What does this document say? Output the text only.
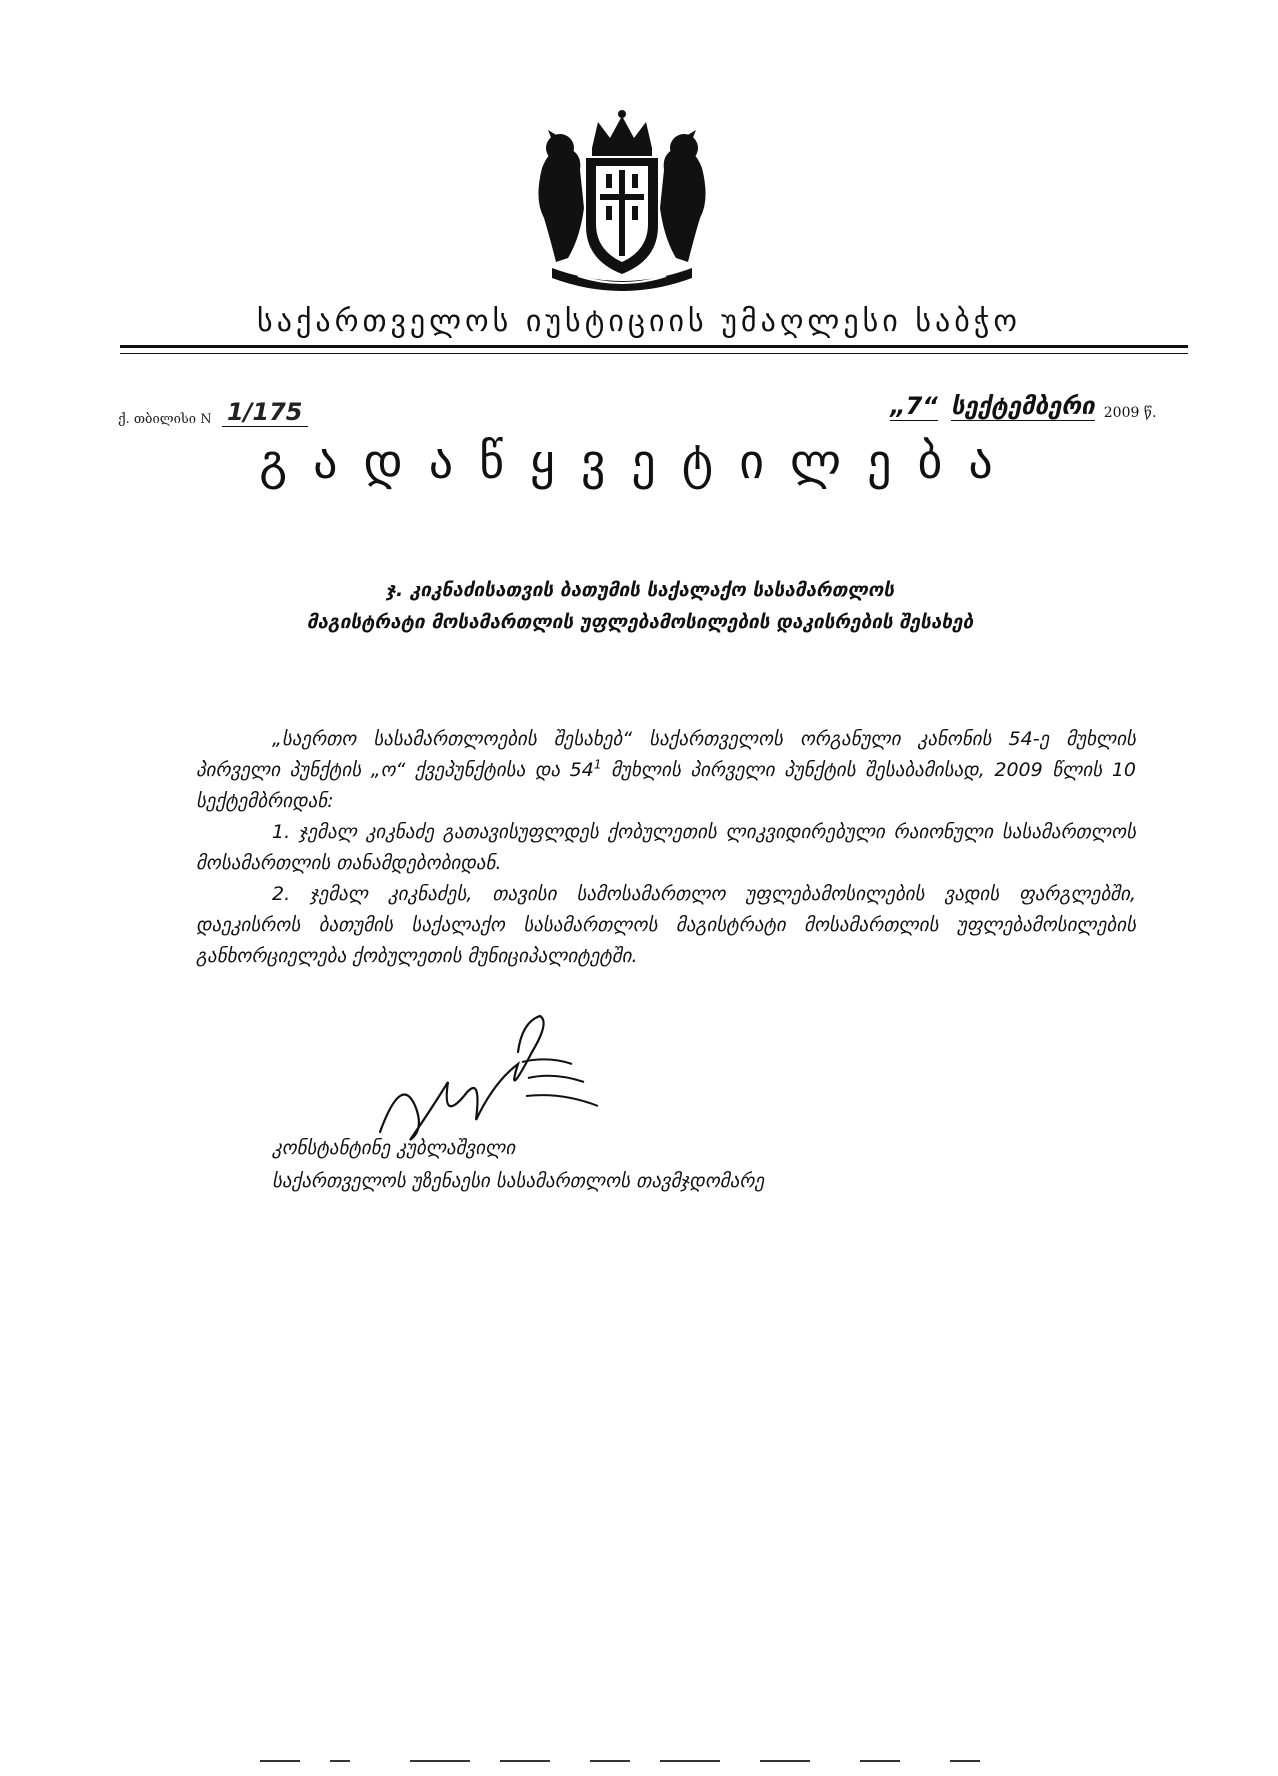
საქართველოს იუსტიციის უმაღლესი საბჭო
ქ. თბილისი N 1/175	„7“ სექტემბერი 2009 წ.
გადაწყვეტილება
ჯ. კიკნაძისათვის ბათუმის საქალაქო სასამართლოს
მაგისტრატი მოსამართლის უფლებამოსილების დაკისრების შესახებ

„საერთო სასამართლოების შესახებ“ საქართველოს ორგანული კანონის 54-ე მუხლის პირველი პუნქტის „ო“ ქვეპუნქტისა და $54^1$ მუხლის პირველი პუნქტის შესაბამისად, 2009 წლის 10 სექტემბრიდან:

1. ჯემალ კიკნაძე გათავისუფლდეს ქობულეთის ლიკვიდირებული რაიონული სასამართლოს მოსამართლის თანამდებობიდან.

2. ჯემალ კიკნაძეს, თავისი სამოსამართლო უფლებამოსილების ვადის ფარგლებში, დაეკისროს ბათუმის საქალაქო სასამართლოს მაგისტრატი მოსამართლის უფლებამოსილების განხორციელება ქობულეთის მუნიციპალიტეტში.

კონსტანტინე კუბლაშვილი
საქართველოს უზენაესი სასამართლოს თავმჯდომარე
